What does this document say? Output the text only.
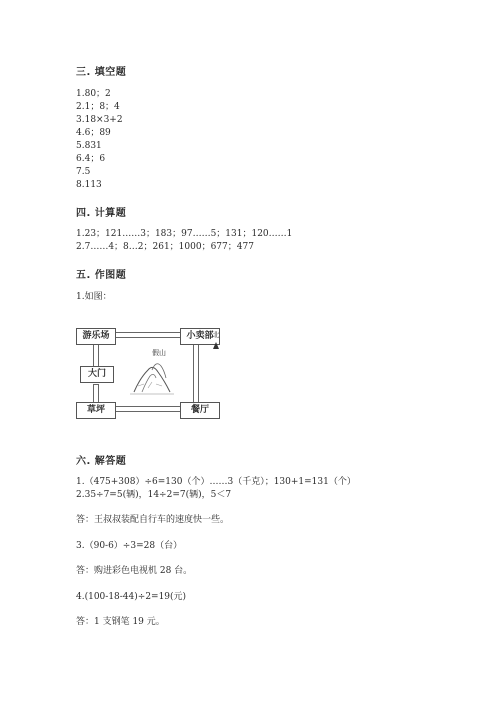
三. 填空题
1.80；2
2.1；8；4
3.18×3+2
4.6；89
5.831
6.4；6
7.5
8.113
四. 计算题
1.23；121……3；183；97……5；131；120……1
2.7……4；8…2；261；1000；677；477
五. 作图题
1.如图：
假山
游乐场	小卖部
大门
草坪	餐厅
北
六. 解答题
1.（475+308）÷6=130（个）……3（千克）；130+1=131（个）
2.35÷7=5(辆)，14÷2=7(辆)，5＜7
答：王叔叔装配自行车的速度快一些。
3.（90-6）÷3=28（台）
答：购进彩色电视机 28 台。
4.(100-18-44)÷2=19(元)
答：1 支钢笔 19 元。
